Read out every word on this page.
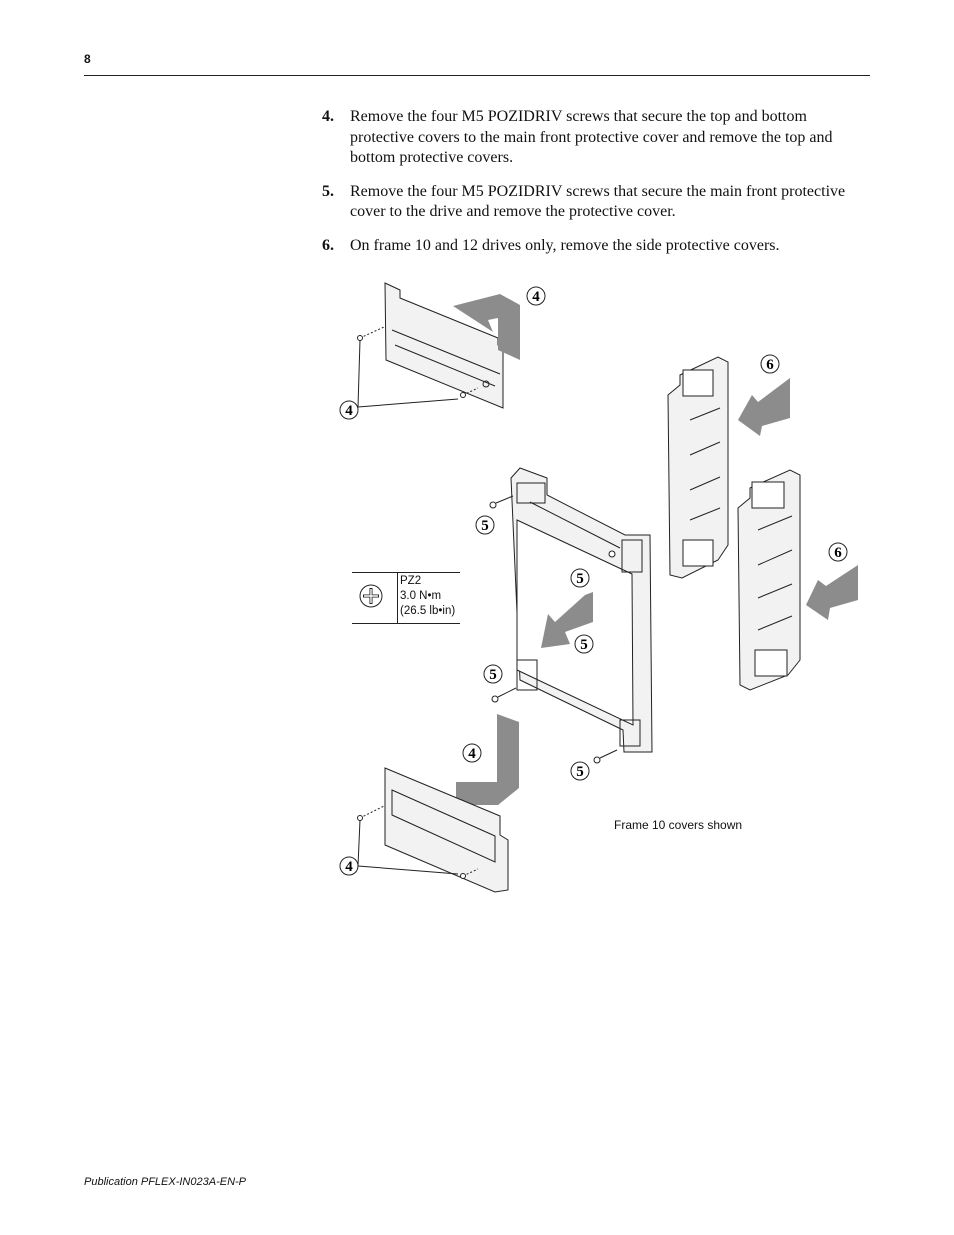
8
4.	Remove the four M5 POZIDRIV screws that secure the top and bottom protective covers to the main front protective cover and remove the top and bottom protective covers.
5.	Remove the four M5 POZIDRIV screws that secure the main front protective cover to the drive and remove the protective cover.
6.	On frame 10 and 12 drives only, remove the side protective covers.
4
4
5
5
5
5
5
4
4
6
6
PZ2
3.0 N•m
(26.5 lb•in)
Frame 10 covers shown
Publication PFLEX-IN023A-EN-P
